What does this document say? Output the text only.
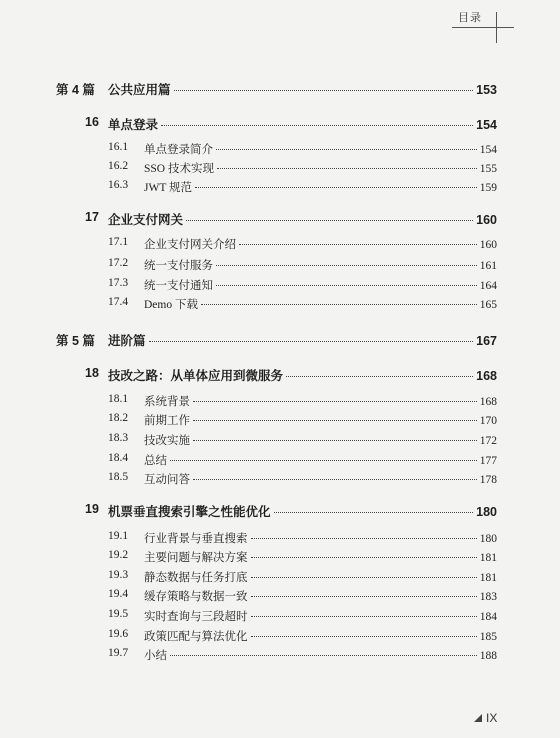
目录
第 4 篇	公共应用篇	153
16 单点登录	154
16.1	单点登录简介	154
16.2	SSO 技术实现	155
16.3	JWT 规范	159
17 企业支付网关	160
17.1	企业支付网关介绍	160
17.2	统一支付服务	161
17.3	统一支付通知	164
17.4	Demo 下载	165
第 5 篇	进阶篇	167
18 技改之路：从单体应用到微服务	168
18.1	系统背景	168
18.2	前期工作	170
18.3	技改实施	172
18.4	总结	177
18.5	互动问答	178
19 机票垂直搜索引擎之性能优化	180
19.1	行业背景与垂直搜索	180
19.2	主要问题与解决方案	181
19.3	静态数据与任务打底	181
19.4	缓存策略与数据一致	183
19.5	实时查询与三段超时	184
19.6	政策匹配与算法优化	185
19.7	小结	188
IX
